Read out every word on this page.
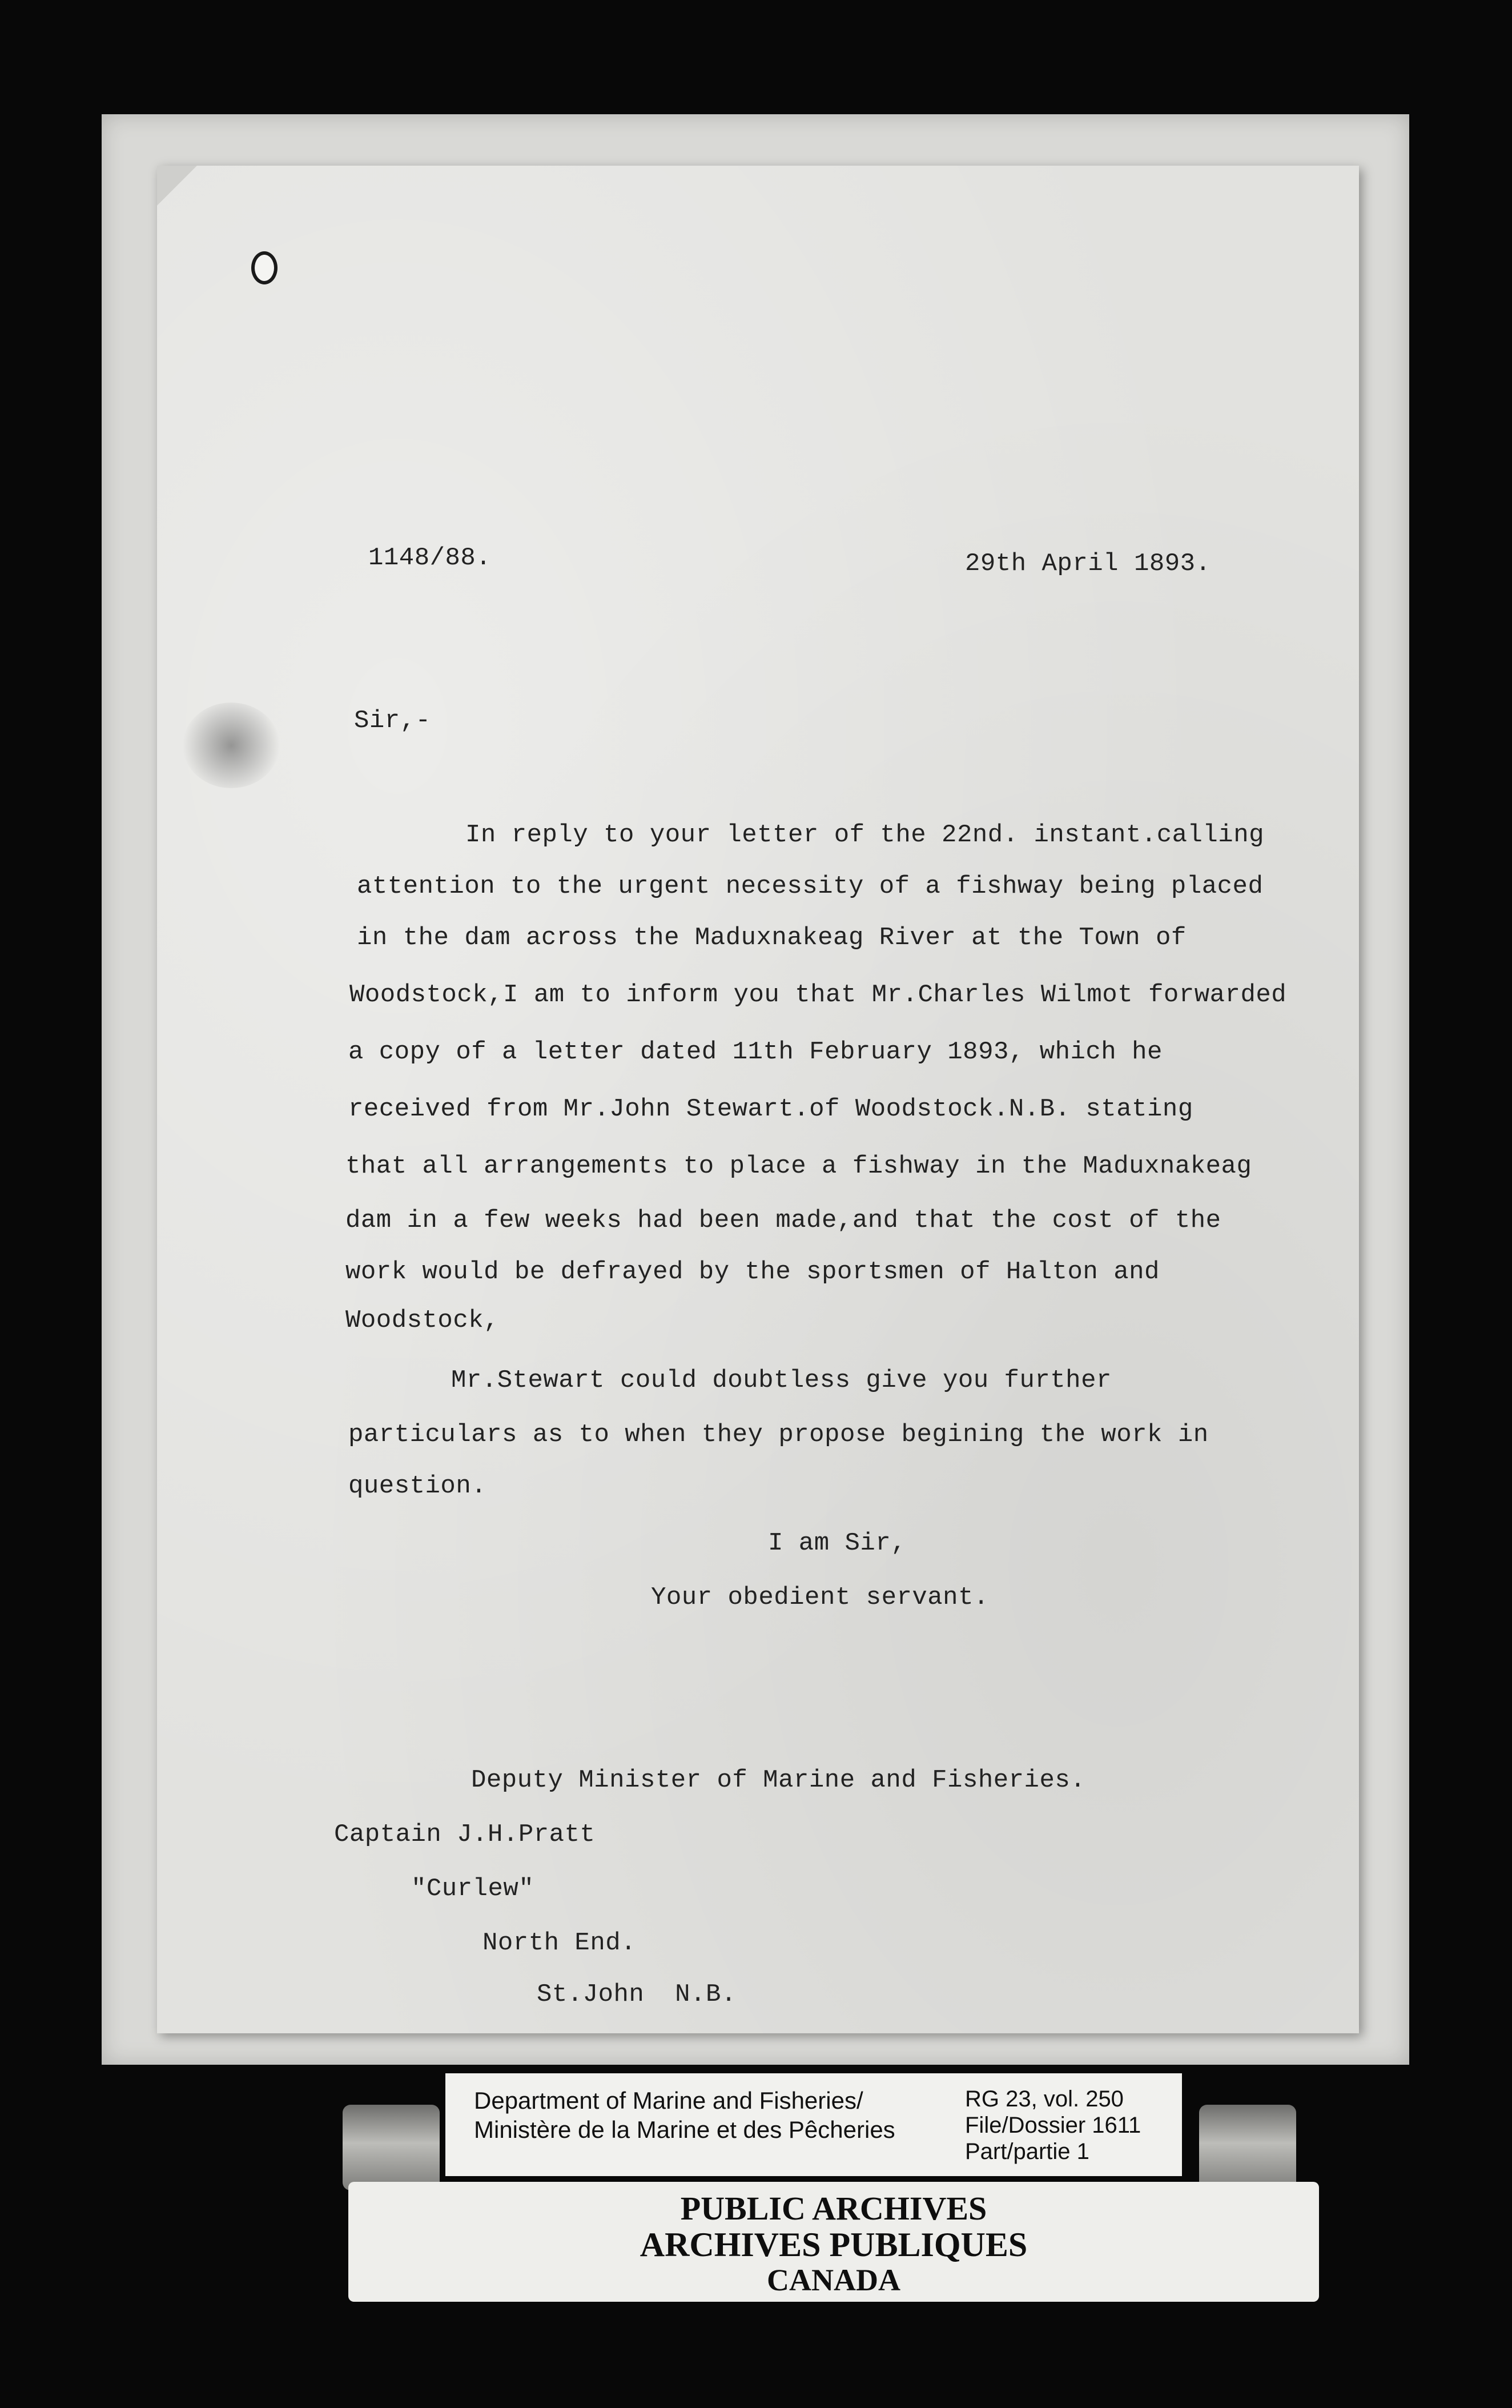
1148/88.	29th April 1893.
Sir,-
In reply to your letter of the 22nd. instant.calling
attention to the urgent necessity of a fishway being placed
in the dam across the Maduxnakeag River at the Town of
Woodstock,I am to inform you that Mr.Charles Wilmot forwarded
a copy of a letter dated 11th February 1893, which he
received from Mr.John Stewart.of Woodstock.N.B. stating
that all arrangements to place a fishway in the Maduxnakeag
dam in a few weeks had been made,and that the cost of the
work would be defrayed by the sportsmen of Halton and
Woodstock,
Mr.Stewart could doubtless give you further
particulars as to when they propose begining the work in
question.
I am Sir,
Your obedient servant.
Deputy Minister of Marine and Fisheries.
Captain J.H.Pratt
"Curlew"
North End.
St.John  N.B.
Department of Marine and Fisheries/
Ministère de la Marine et des Pêcheries
RG 23, vol. 250
File/Dossier 1611
Part/partie 1
PUBLIC ARCHIVES
ARCHIVES PUBLIQUES
CANADA
